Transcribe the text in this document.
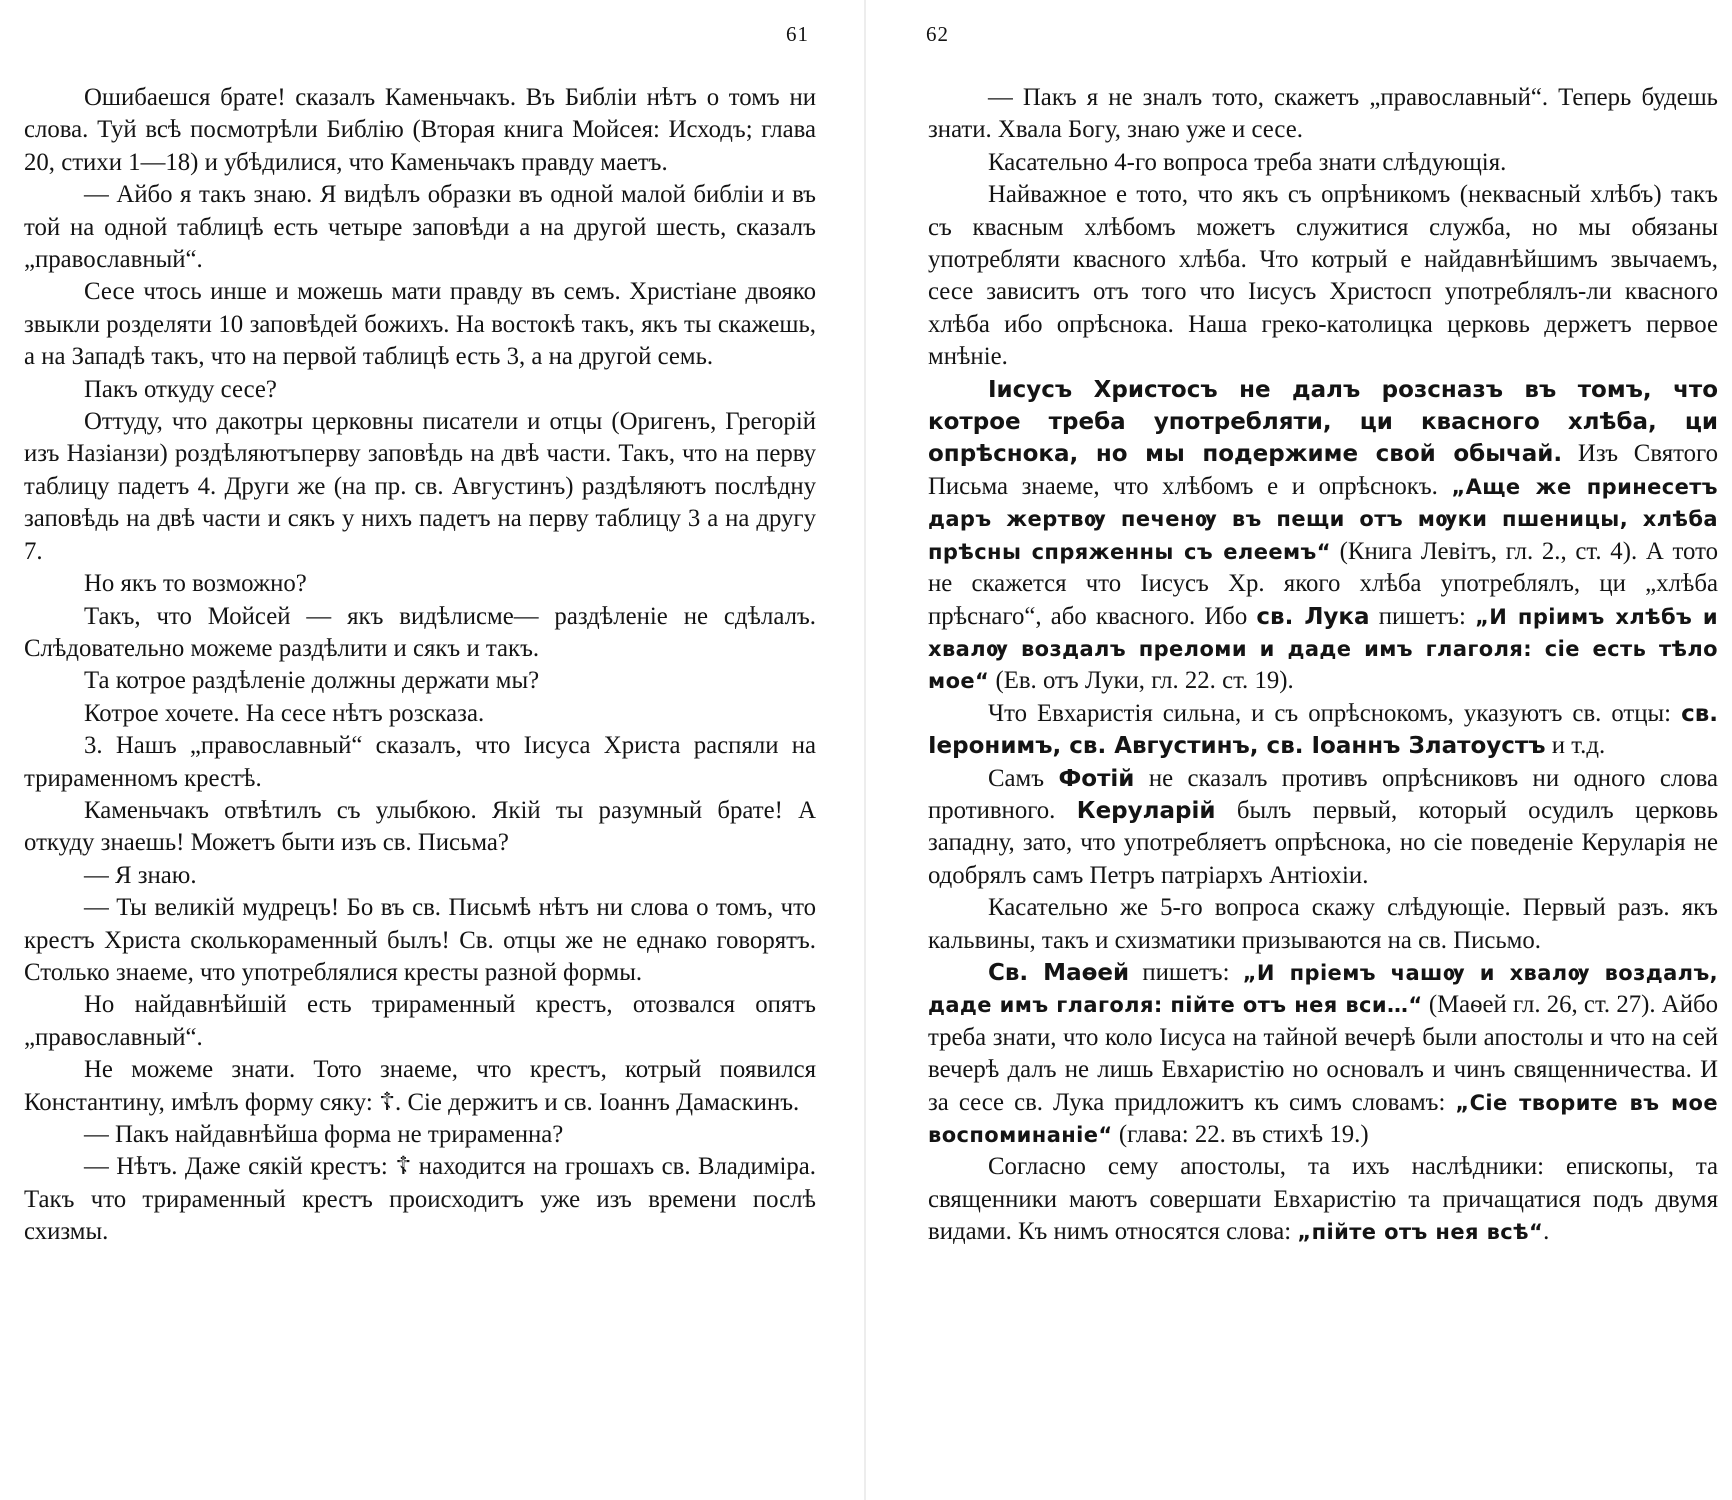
61

Ошибаешся брате! сказалъ Каменьчакъ. Въ Библіи нѣтъ о томъ ни слова. Туй всѣ посмотрѣли Библію (Вторая книга Мойсея: Исходъ; глава 20, стихи 1—18) и убѣдилися, что Каменьчакъ правду маетъ.

— Айбо я такъ знаю. Я видѣлъ образки въ одной малой библіи и въ той на одной таблицѣ есть четыре заповѣди а на другой шесть, сказалъ „православный“.

Сесе чтось инше и можешь мати правду въ семъ. Христіане двояко звыкли розделяти 10 заповѣдей божихъ. На востокѣ такъ, якъ ты скажешь, а на Западѣ такъ, что на первой таблицѣ есть 3, а на другой семь.

Пакъ откуду сесе?

Оттуду, что дакотры церковны писатели и отцы (Оригенъ, Грегорій изъ Назіанзи) роздѣляютъперву заповѣдь на двѣ части. Такъ, что на перву таблицу падетъ 4. Други же (на пр. св. Августинъ) раздѣляютъ послѣдну заповѣдь на двѣ части и сякъ у нихъ падетъ на перву таблицу 3 а на другу 7.

Но якъ то возможно?

Такъ, что Мойсей — якъ видѣлисме— раздѣленіе не сдѣлалъ. Слѣдовательно можеме раздѣлити и сякъ и такъ.

Та котрое раздѣленіе должны держати мы?

Котрое хочете. На сесе нѣтъ розсказа.

3. Нашъ „православный“ сказалъ, что Іисуса Христа распяли на трираменномъ крестѣ.

Каменьчакъ отвѣтилъ съ улыбкою. Якій ты разумный брате! А откуду знаешь! Можетъ быти изъ св. Письма?

— Я знаю.

— Ты великій мудрецъ! Бо въ св. Письмѣ нѣтъ ни слова о томъ, что крестъ Христа сколькораменный былъ! Св. отцы же не еднако говорятъ. Столько знаеме, что употреблялися кресты разной формы.

Но найдавнѣйшій есть трираменный крестъ, отозвался опятъ „православный“.

Не можеме знати. Тото знаеме, что крестъ, котрый появился Константину, имѣлъ форму сяку: ☦. Сіе держитъ и св. Іоаннъ Дамаскинъ.

— Пакъ найдавнѣйша форма не трираменна?

— Нѣтъ. Даже сякій крестъ: ☦ находится на грошахъ св. Владиміра. Такъ что трираменный крестъ происходитъ уже изъ времени послѣ схизмы.

62

— Пакъ я не зналъ тото, скажетъ „православный“. Теперь будешь знати. Хвала Богу, знаю уже и сесе.

Касательно 4-го вопроса треба знати слѣдующія.

Найважное е тото, что якъ съ опрѣникомъ (неквасный хлѣбъ) такъ съ квасным хлѣбомъ можетъ служитися служба, но мы обязаны употребляти квасного хлѣба. Что котрый е найдавнѣйшимъ звычаемъ, сесе зависитъ отъ того что Іисусъ Христосп употреблялъ-ли квасного хлѣба ибо опрѣснока. Наша греко-католицка церковь держетъ первое мнѣніе.

Іисусъ Христосъ не далъ розсназъ въ томъ, что котрое треба употребляти, ци квасного хлѣба, ци опрѣснока, но мы подержиме свой обычай. Изъ Святого Письма знаеме, что хлѣбомъ е и опрѣснокъ. „Аще же принесетъ даръ жертвѹ печенѹ въ пещи отъ мѹки пшеницы, хлѣба прѣсны спряженны съ елеемъ“ (Книга Левітъ, гл. 2., ст. 4). А тото не скажется что Іисусъ Хр. якого хлѣба употреблялъ, ци „хлѣба прѣснаго“, або квасного. Ибо св. Лука пишетъ: „И пріимъ хлѣбъ и хвалѹ воздалъ преломи и даде имъ глаголя: сіе есть тѣло мое“ (Ев. отъ Луки, гл. 22. ст. 19).

Что Евхаристія сильна, и съ опрѣснокомъ, указуютъ св. отцы: св. Іеронимъ, св. Августинъ, св. Іоаннъ Златоустъ и т.д.

Самъ Фотій не сказалъ противъ опрѣсниковъ ни одного слова противного. Керуларій былъ первый, который осудилъ церковь западну, зато, что употребляетъ опрѣснока, но сіе поведеніе Керуларія не одобрялъ самъ Петръ патріархъ Антіохіи.

Касательно же 5-го вопроса скажу слѣдующіе. Первый разъ. якъ кальвины, такъ и схизматики призываются на св. Письмо.

Св. Маѳей пишетъ: „И пріемъ чашѹ и хвалѹ воздалъ, даде имъ глаголя: пійте отъ нея вси…“ (Маѳей гл. 26, ст. 27). Айбо треба знати, что коло Іисуса на тайной вечерѣ были апостолы и что на сей вечерѣ далъ не лишь Евхаристію но основалъ и чинъ священничества. И за сесе св. Лука придложитъ къ симъ словамъ: „Сіе творите въ мое воспоминаніе“ (глава: 22. въ стихѣ 19.)

Согласно сему апостолы, та ихъ наслѣдники: епископы, та священники маютъ совершати Евхаристію та причащатися подъ двумя видами. Къ нимъ относятся слова: „пійте отъ нея всѣ“.
